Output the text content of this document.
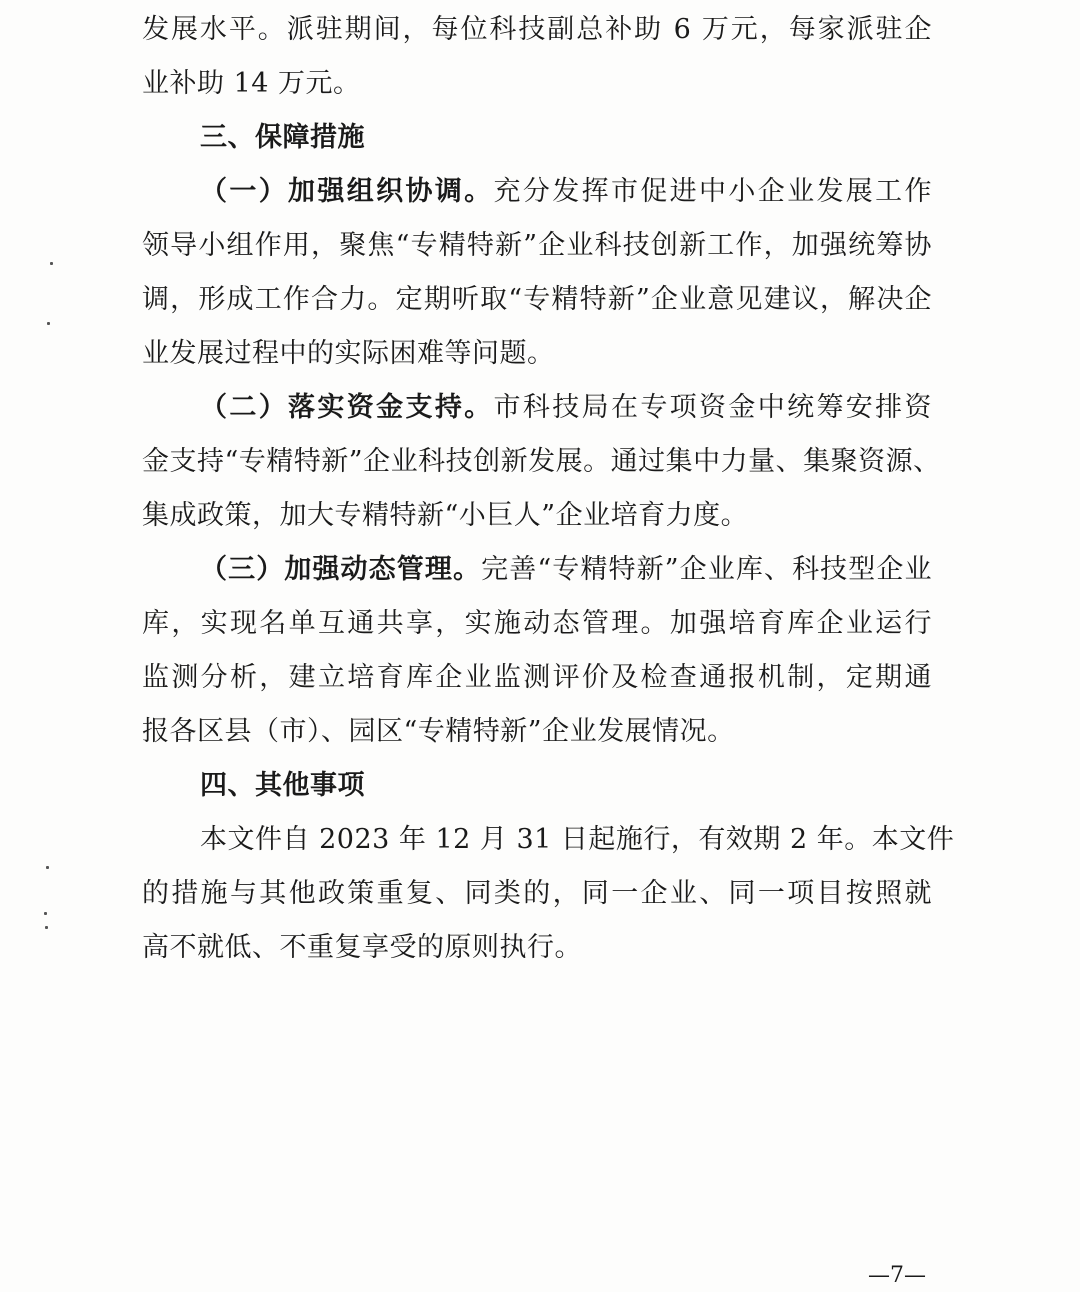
发展水平。派驻期间，每位科技副总补助 6 万元，每家派驻企
业补助 14 万元。
三、保障措施
（一）加强组织协调。充分发挥市促进中小企业发展工作
领导小组作用，聚焦“专精特新”企业科技创新工作，加强统筹协
调，形成工作合力。定期听取“专精特新”企业意见建议，解决企
业发展过程中的实际困难等问题。
（二）落实资金支持。市科技局在专项资金中统筹安排资
金支持“专精特新”企业科技创新发展。通过集中力量、集聚资源、
集成政策，加大专精特新“小巨人”企业培育力度。
（三）加强动态管理。完善“专精特新”企业库、科技型企业
库，实现名单互通共享，实施动态管理。加强培育库企业运行
监测分析，建立培育库企业监测评价及检查通报机制，定期通
报各区县（市）、园区“专精特新”企业发展情况。
四、其他事项
本文件自 2023 年 12 月 31 日起施行，有效期 2 年。本文件
的措施与其他政策重复、同类的，同一企业、同一项目按照就
高不就低、不重复享受的原则执行。
—7—
